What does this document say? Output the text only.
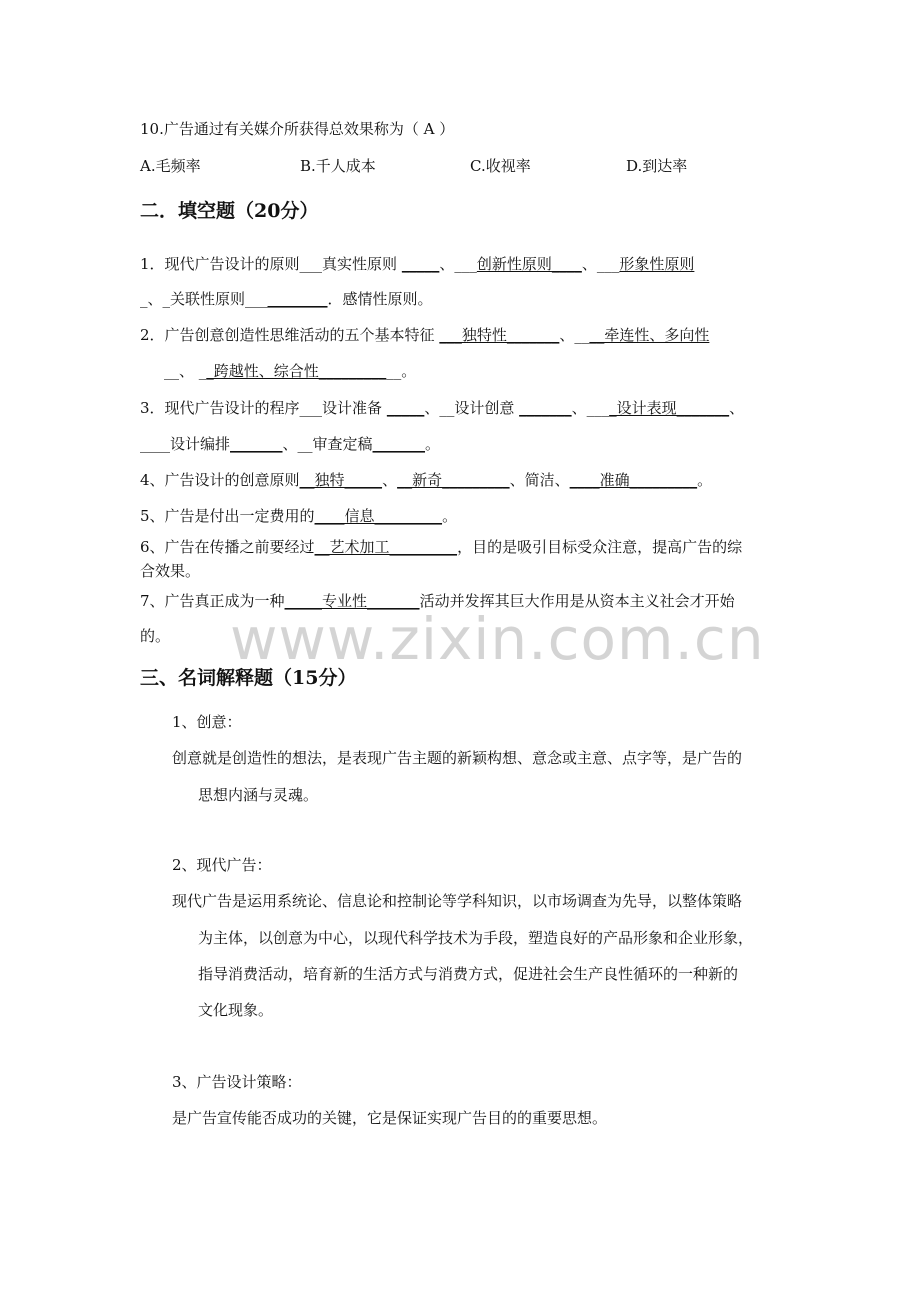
www.zixin.com.cn
10.广告通过有关媒介所获得总效果称为（ A ）
A.毛频率	B.千人成本	C.收视率	D.到达率
二．填空题（20分）
1．现代广告设计的原则___真实性原则 _____、___创新性原则____、___形象性原则
_、_关联性原则___________．感情性原则。
2．广告创意创造性思维活动的五个基本特征 ___独特性_______、____牵连性、多向性
__、 __跨越性、综合性___________。
3．现代广告设计的程序___设计准备 _____、__设计创意 _______、____设计表现_______、
____设计编排_______、__审查定稿_______。
4、广告设计的创意原则__独特_____、__新奇_________、简洁、____准确_________。
5、广告是付出一定费用的____信息_________。
6、广告在传播之前要经过__艺术加工_________，目的是吸引目标受众注意，提高广告的综
合效果。
7、广告真正成为一种_____专业性_______活动并发挥其巨大作用是从资本主义社会才开始
的。
三、名词解释题（15分）
1、创意：
创意就是创造性的想法，是表现广告主题的新颖构想、意念或主意、点字等，是广告的
思想内涵与灵魂。
2、现代广告：
现代广告是运用系统论、信息论和控制论等学科知识，以市场调查为先导，以整体策略
为主体，以创意为中心，以现代科学技术为手段，塑造良好的产品形象和企业形象，
指导消费活动，培育新的生活方式与消费方式，促进社会生产良性循环的一种新的
文化现象。
3、广告设计策略：
是广告宣传能否成功的关键，它是保证实现广告目的的重要思想。
